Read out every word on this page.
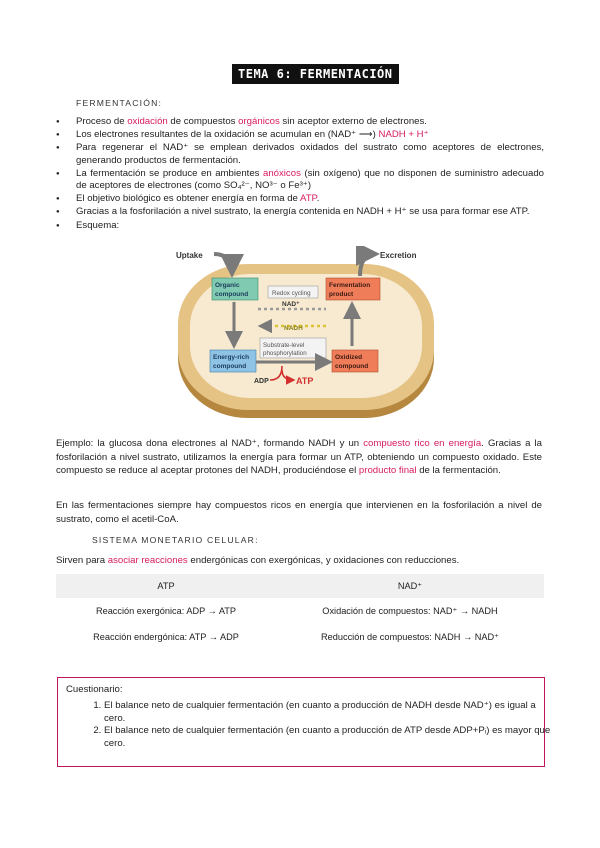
TEMA 6: FERMENTACIÓN
FERMENTACIÓN:
● Proceso de oxidación de compuestos orgánicos sin aceptor externo de electrones.
● Los electrones resultantes de la oxidación se acumulan en (NAD⁺ ⟶) NADH + H⁺
● Para regenerar el NAD⁺ se emplean derivados oxidados del sustrato como aceptores de electrones, generando productos de fermentación.
● La fermentación se produce en ambientes anóxicos (sin oxígeno) que no disponen de suministro adecuado de aceptores de electrones (como SO₄²⁻, NO³⁻ o Fe³⁺)
● El objetivo biológico es obtener energía en forma de ATP.
● Gracias a la fosforilación a nivel sustrato, la energía contenida en NADH + H⁺ se usa para formar ese ATP.
● Esquema:
Uptake	Excretion
Organic
compound
Fermentation
product
Redox cycling
NAD⁺
NADH
Substrate-level
phosphorylation
Energy-rich
compound
Oxidized
compound
ADP	ATP
Ejemplo: la glucosa dona electrones al NAD⁺, formando NADH y un compuesto rico en energía. Gracias a la fosforilación a nivel sustrato, utilizamos la energía para formar un ATP, obteniendo un compuesto oxidado. Este compuesto se reduce al aceptar protones del NADH, produciéndose el producto final de la fermentación.
En las fermentaciones siempre hay compuestos ricos en energía que intervienen en la fosforilación a nivel de sustrato, como el acetil-CoA.
SISTEMA MONETARIO CELULAR:
Sirven para asociar reacciones endergónicas con exergónicas, y oxidaciones con reducciones.
ATP	NAD⁺
Reacción exergónica: ADP → ATP	Oxidación de compuestos: NAD⁺ → NADH
Reacción endergónica: ATP → ADP	Reducción de compuestos: NADH → NAD⁺
Cuestionario:
1. El balance neto de cualquier fermentación (en cuanto a producción de NADH desde NAD⁺) es igual a cero.
2. El balance neto de cualquier fermentación (en cuanto a producción de ATP desde ADP+Pᵢ) es mayor que cero.
